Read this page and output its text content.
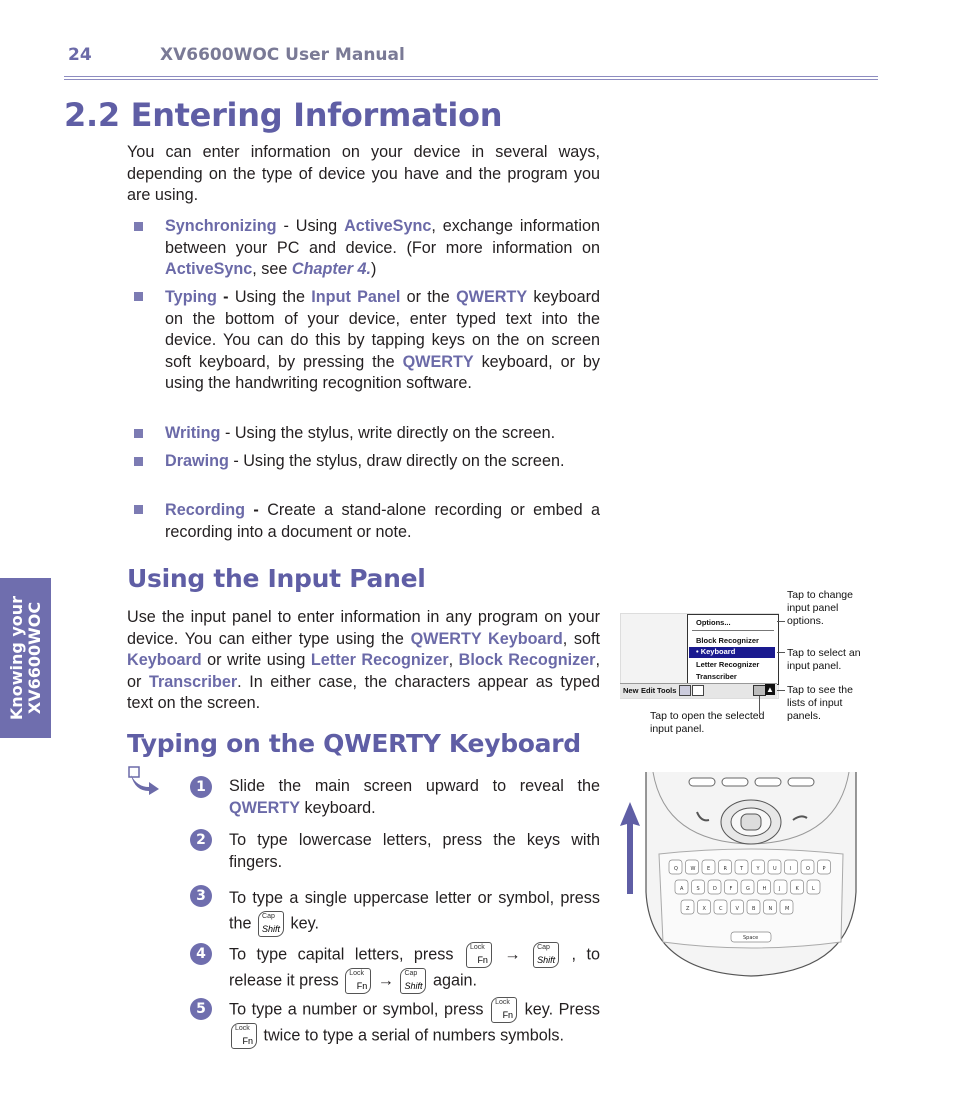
24	XV6600WOC User Manual
Knowing your
XV6600WOC
2.2 Entering Information
You can enter information on your device in several ways, depending on the type of device you have and the program you are using.
Synchronizing - Using ActiveSync, exchange information between your PC and device. (For more information on ActiveSync, see Chapter 4.)
Typing - Using the Input Panel or the QWERTY keyboard on the bottom of your device, enter typed text into the device. You can do this by tapping keys on the on screen soft keyboard, by pressing the QWERTY keyboard, or by using the handwriting recognition software.
Writing - Using the stylus, write directly on the screen.
Drawing - Using the stylus, draw directly on the screen.
Recording - Create a stand-alone recording or embed a recording into a document or note.
Using the Input Panel
Use the input panel to enter information in any program on your device. You can either type using the QWERTY Keyboard, soft Keyboard or write using Letter Recognizer, Block Recognizer, or Transcriber. In either case, the characters appear as typed text on the screen.
Options...
Block Recognizer
• Keyboard
Letter Recognizer
Transcriber
New Edit Tools	▲
Tap to change input panel options.
Tap to select an input panel.
Tap to see the lists of input panels.
Tap to open the selected input panel.
Typing on the QWERTY Keyboard
1	Slide the main screen upward to reveal the QWERTY keyboard.
2	To type lowercase letters, press the keys with fingers.
3	To type a single uppercase letter or symbol, press the Cap
Shift key.
4	To type capital letters, press Lock
Fn → Cap
Shift , to release it press Lock
Fn → Cap
Shift again.
5	To type a number or symbol, press Lock
Fn key. Press
Lock
Fn twice to type a serial of numbers symbols.
Q	W E	R	T	Y	U	I	O	P
A	S	D	F	G	H	J	K	L
Z	X	C	V	B	N	M
Space
